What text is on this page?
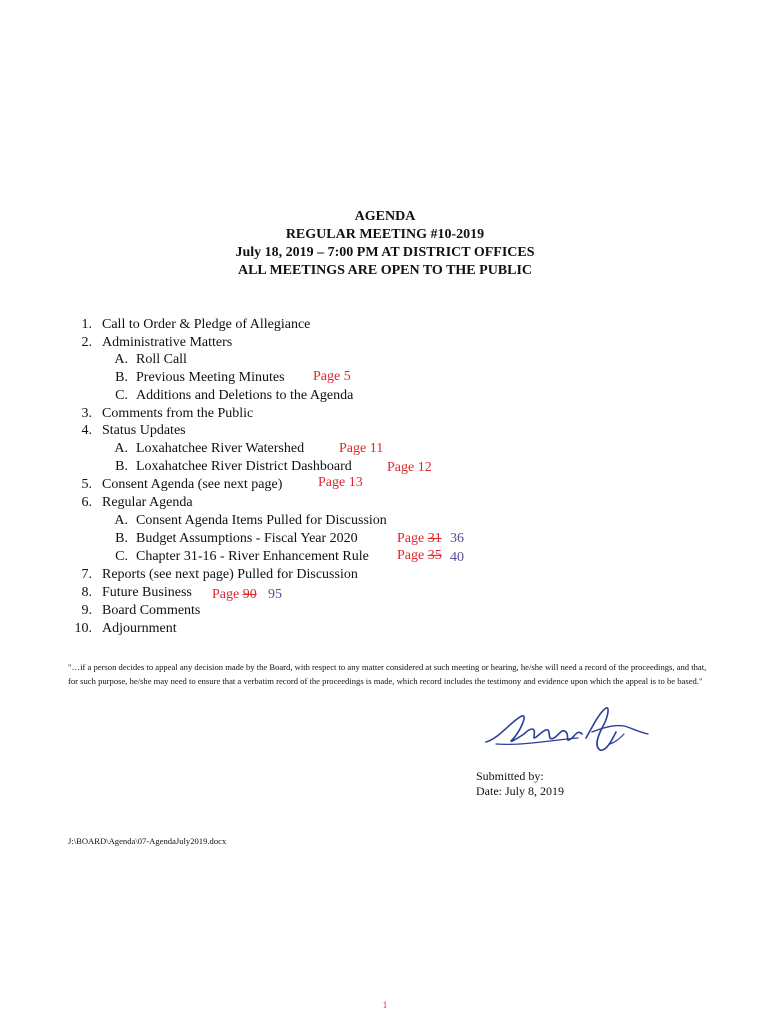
AGENDA
REGULAR MEETING #10-2019
July 18, 2019 – 7:00 PM AT DISTRICT OFFICES
ALL MEETINGS ARE OPEN TO THE PUBLIC
1. Call to Order & Pledge of Allegiance
2. Administrative Matters
A. Roll Call
B. Previous Meeting Minutes Page 5
C. Additions and Deletions to the Agenda
3. Comments from the Public
4. Status Updates
A. Loxahatchee River Watershed Page 11
B. Loxahatchee River District Dashboard	Page 12
5. Consent Agenda (see next page)	Page 13
6. Regular Agenda
A. Consent Agenda Items Pulled for Discussion
B. Budget Assumptions - Fiscal Year 2020	Page 31 36
C. Chapter 31-16 - River Enhancement Rule Page 35 40
7. Reports (see next page) Pulled for Discussion
8. Future Business Page 90 95
9. Board Comments
10. Adjournment
"…if a person decides to appeal any decision made by the Board, with respect to any matter considered at such meeting or hearing, he/she will need a record of the proceedings, and that, for such purpose, he/she may need to ensure that a verbatim record of the proceedings is made, which record includes the testimony and evidence upon which the appeal is to be based."
Submitted by:
Date: July 8, 2019
J:\BOARD\Agenda\07-AgendaJuly2019.docx
1
